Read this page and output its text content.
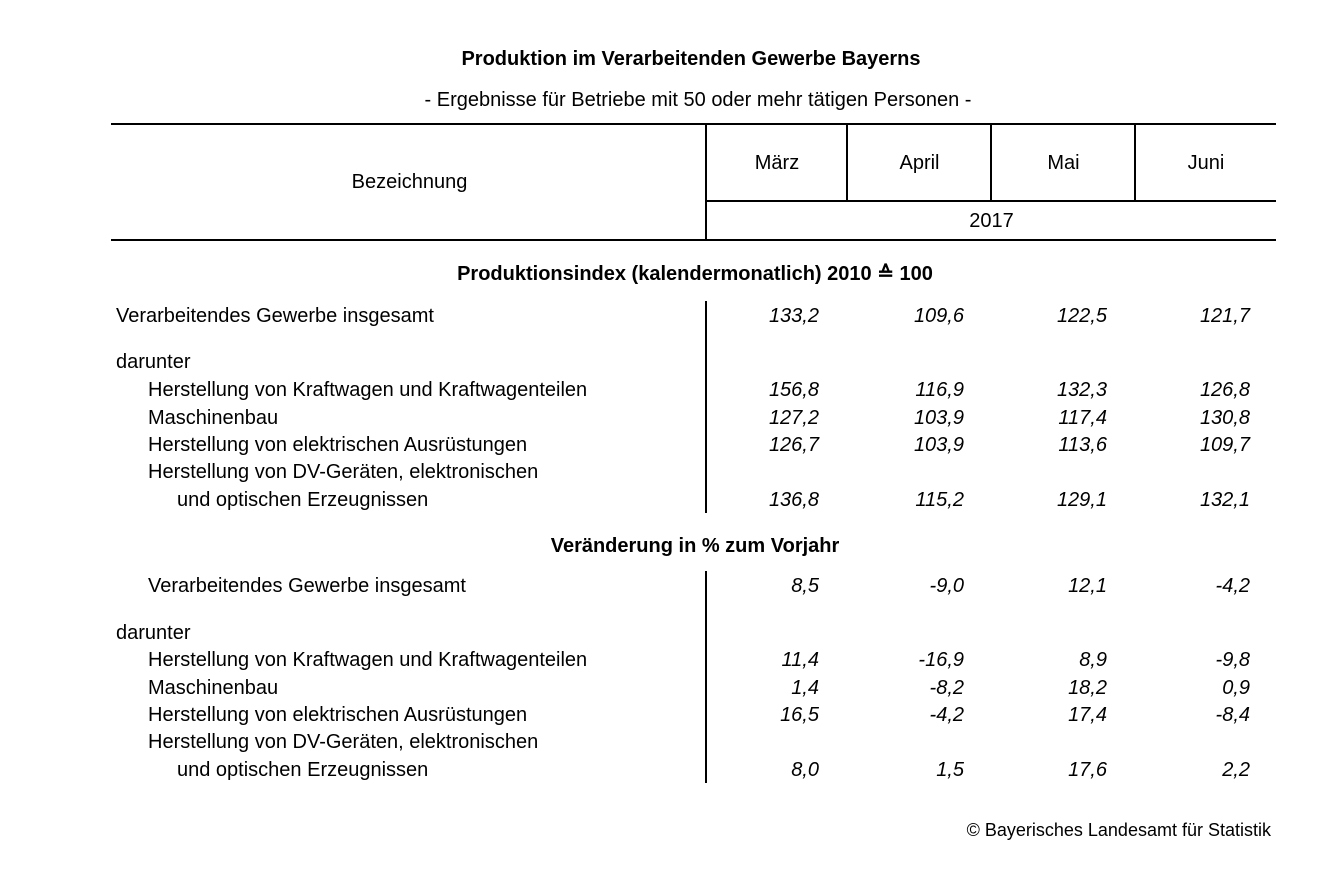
Produktion im Verarbeitenden Gewerbe Bayerns
- Ergebnisse für Betriebe mit 50 oder mehr tätigen Personen -
Bezeichnung
März	April	Mai	Juni
2017
Produktionsindex (kalendermonatlich) 2010 ≙ 100
Verarbeitendes Gewerbe insgesamt	133,2	109,6	122,5	121,7
darunter
Herstellung von Kraftwagen und Kraftwagenteilen	156,8	116,9	132,3	126,8
Maschinenbau	127,2	103,9	117,4	130,8
Herstellung von elektrischen Ausrüstungen	126,7	103,9	113,6	109,7
Herstellung von DV-Geräten, elektronischen
und optischen Erzeugnissen	136,8	115,2	129,1	132,1
Veränderung in % zum Vorjahr
Verarbeitendes Gewerbe insgesamt	8,5	-9,0	12,1	-4,2
darunter
Herstellung von Kraftwagen und Kraftwagenteilen	11,4	-16,9	8,9	-9,8
Maschinenbau	1,4	-8,2	18,2	0,9
Herstellung von elektrischen Ausrüstungen	16,5	-4,2	17,4	-8,4
Herstellung von DV-Geräten, elektronischen
und optischen Erzeugnissen	8,0	1,5	17,6	2,2
© Bayerisches Landesamt für Statistik
